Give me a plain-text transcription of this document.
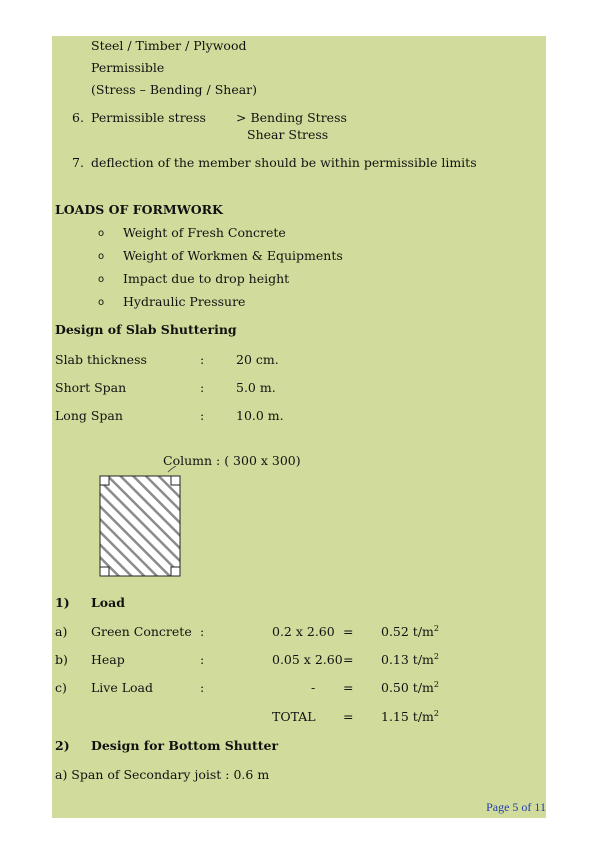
Steel / Timber / Plywood
Permissible
(Stress – Bending / Shear)
6. Permissible stress > Bending Stress
Shear Stress
7. deflection of the member should be within permissible limits
LOADS OF FORMWORK
o Weight of Fresh Concrete
o Weight of Workmen & Equipments
o Impact due to drop height
o Hydraulic Pressure
Design of Slab Shuttering
Slab thickness	:	20 cm.
Short Span	:	5.0 m.
Long Span	:	10.0 m.
Column : ( 300 x 300)
1) Load
a) Green Concrete :	0.2 x 2.60 = 0.52 $t/m^2$
b) Heap	:	0.05 x 2.60 = 0.13 $t/m^2$
c) Live Load	:	- = 0.50 $t/m^2$
TOTAL = 1.15 $t/m^2$
2) Design for Bottom Shutter
a) Span of Secondary joist : 0.6 m
Page 5 of 11
